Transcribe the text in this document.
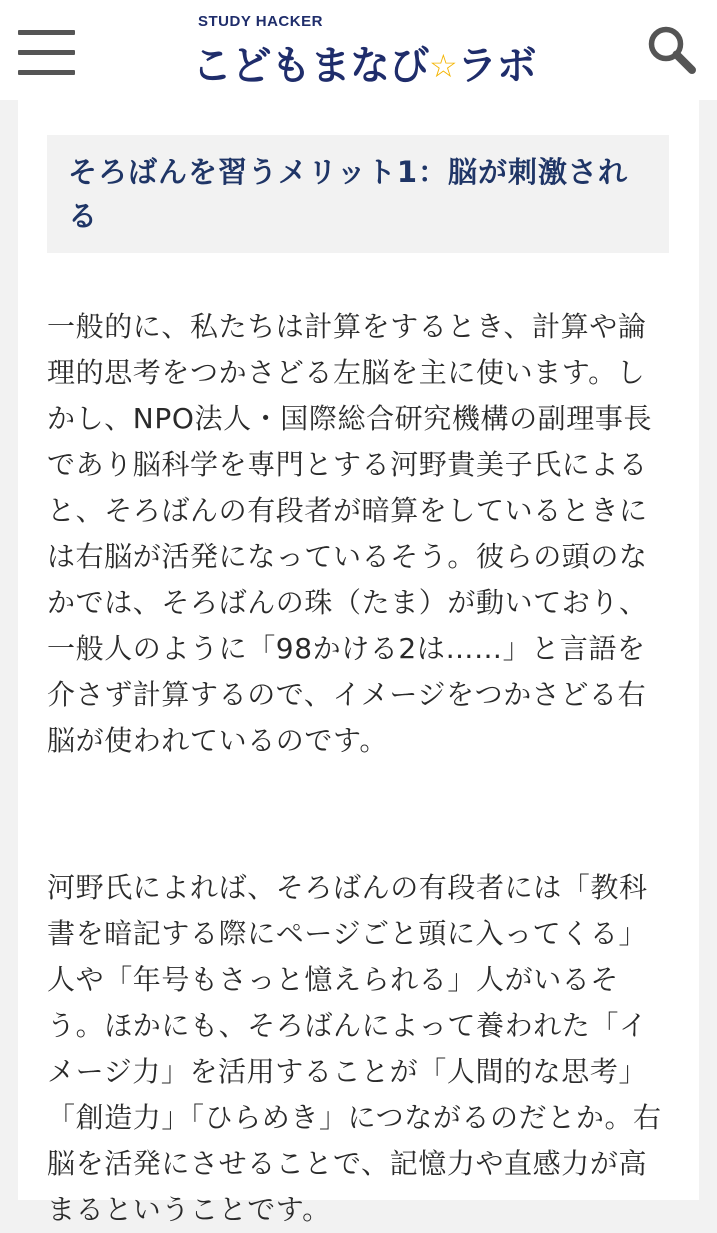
STUDY HACKER
こどもまなび☆ラボ
そろばんを習うメリット1：脳が刺激される

一般的に、私たちは計算をするとき、計算や論理的思考をつかさどる左脳を主に使います。しかし、NPO法人・国際総合研究機構の副理事長であり脳科学を専門とする河野貴美子氏によると、そろばんの有段者が暗算をしているときには右脳が活発になっているそう。彼らの頭のなかでは、そろばんの珠（たま）が動いており、一般人のように「98かける2は……」と言語を介さず計算するので、イメージをつかさどる右脳が使われているのです。

河野氏によれば、そろばんの有段者には「教科書を暗記する際にページごと頭に入ってくる」人や「年号もさっと憶えられる」人がいるそう。ほかにも、そろばんによって養われた「イメージ力」を活用することが「人間的な思考」「創造力」「ひらめき」につながるのだとか。右脳を活発にさせることで、記憶力や直感力が高まるということです。
